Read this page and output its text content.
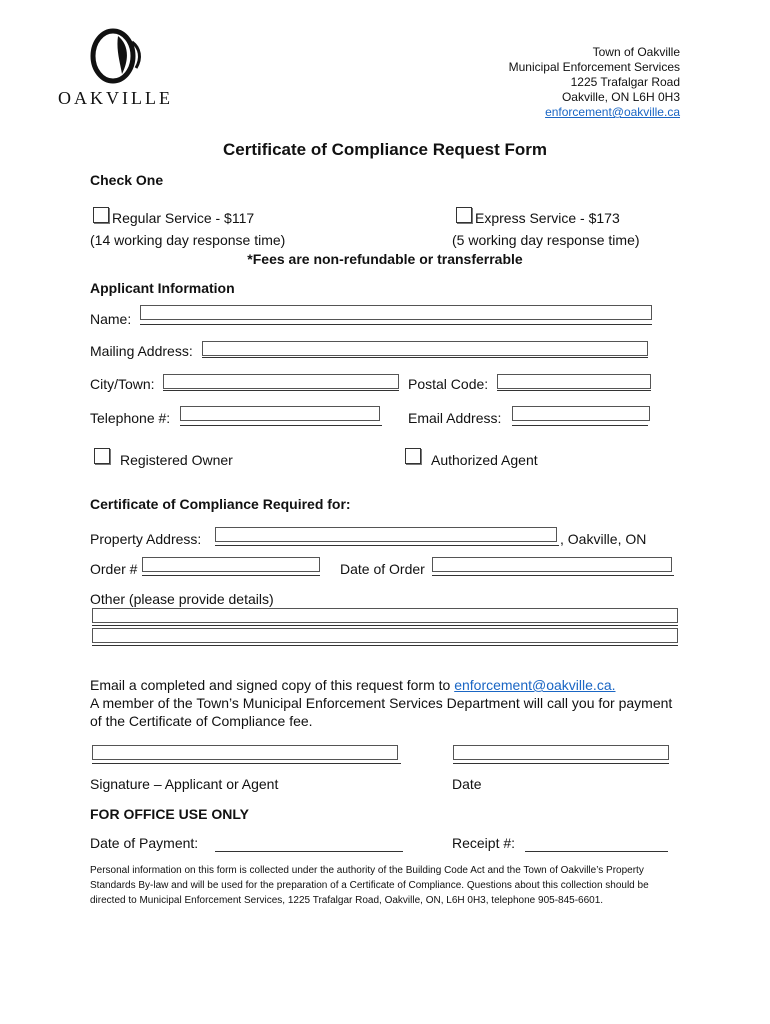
OAKVILLE
Town of Oakville
Municipal Enforcement Services
1225 Trafalgar Road
Oakville, ON L6H 0H3
enforcement@oakville.ca
Certificate of Compliance Request Form
Check One
Regular Service - $117
(14 working day response time)
Express Service - $173
(5 working day response time)
*Fees are non-refundable or transferrable
Applicant Information
Name:
Mailing Address:
City/Town:	Postal Code:
Telephone #:	Email Address:
Registered Owner	Authorized Agent
Certificate of Compliance Required for:
Property Address:	, Oakville, ON
Order #	Date of Order
Other (please provide details)
Email a completed and signed copy of this request form to enforcement@oakville.ca.
A member of the Town’s Municipal Enforcement Services Department will call you for payment of the Certificate of Compliance fee.
Signature – Applicant or Agent	Date
FOR OFFICE USE ONLY
Date of Payment:	Receipt #:
Personal information on this form is collected under the authority of the Building Code Act and the Town of Oakville’s Property Standards By-law and will be used for the preparation of a Certificate of Compliance. Questions about this collection should be directed to Municipal Enforcement Services, 1225 Trafalgar Road, Oakville, ON, L6H 0H3, telephone 905-845-6601.
